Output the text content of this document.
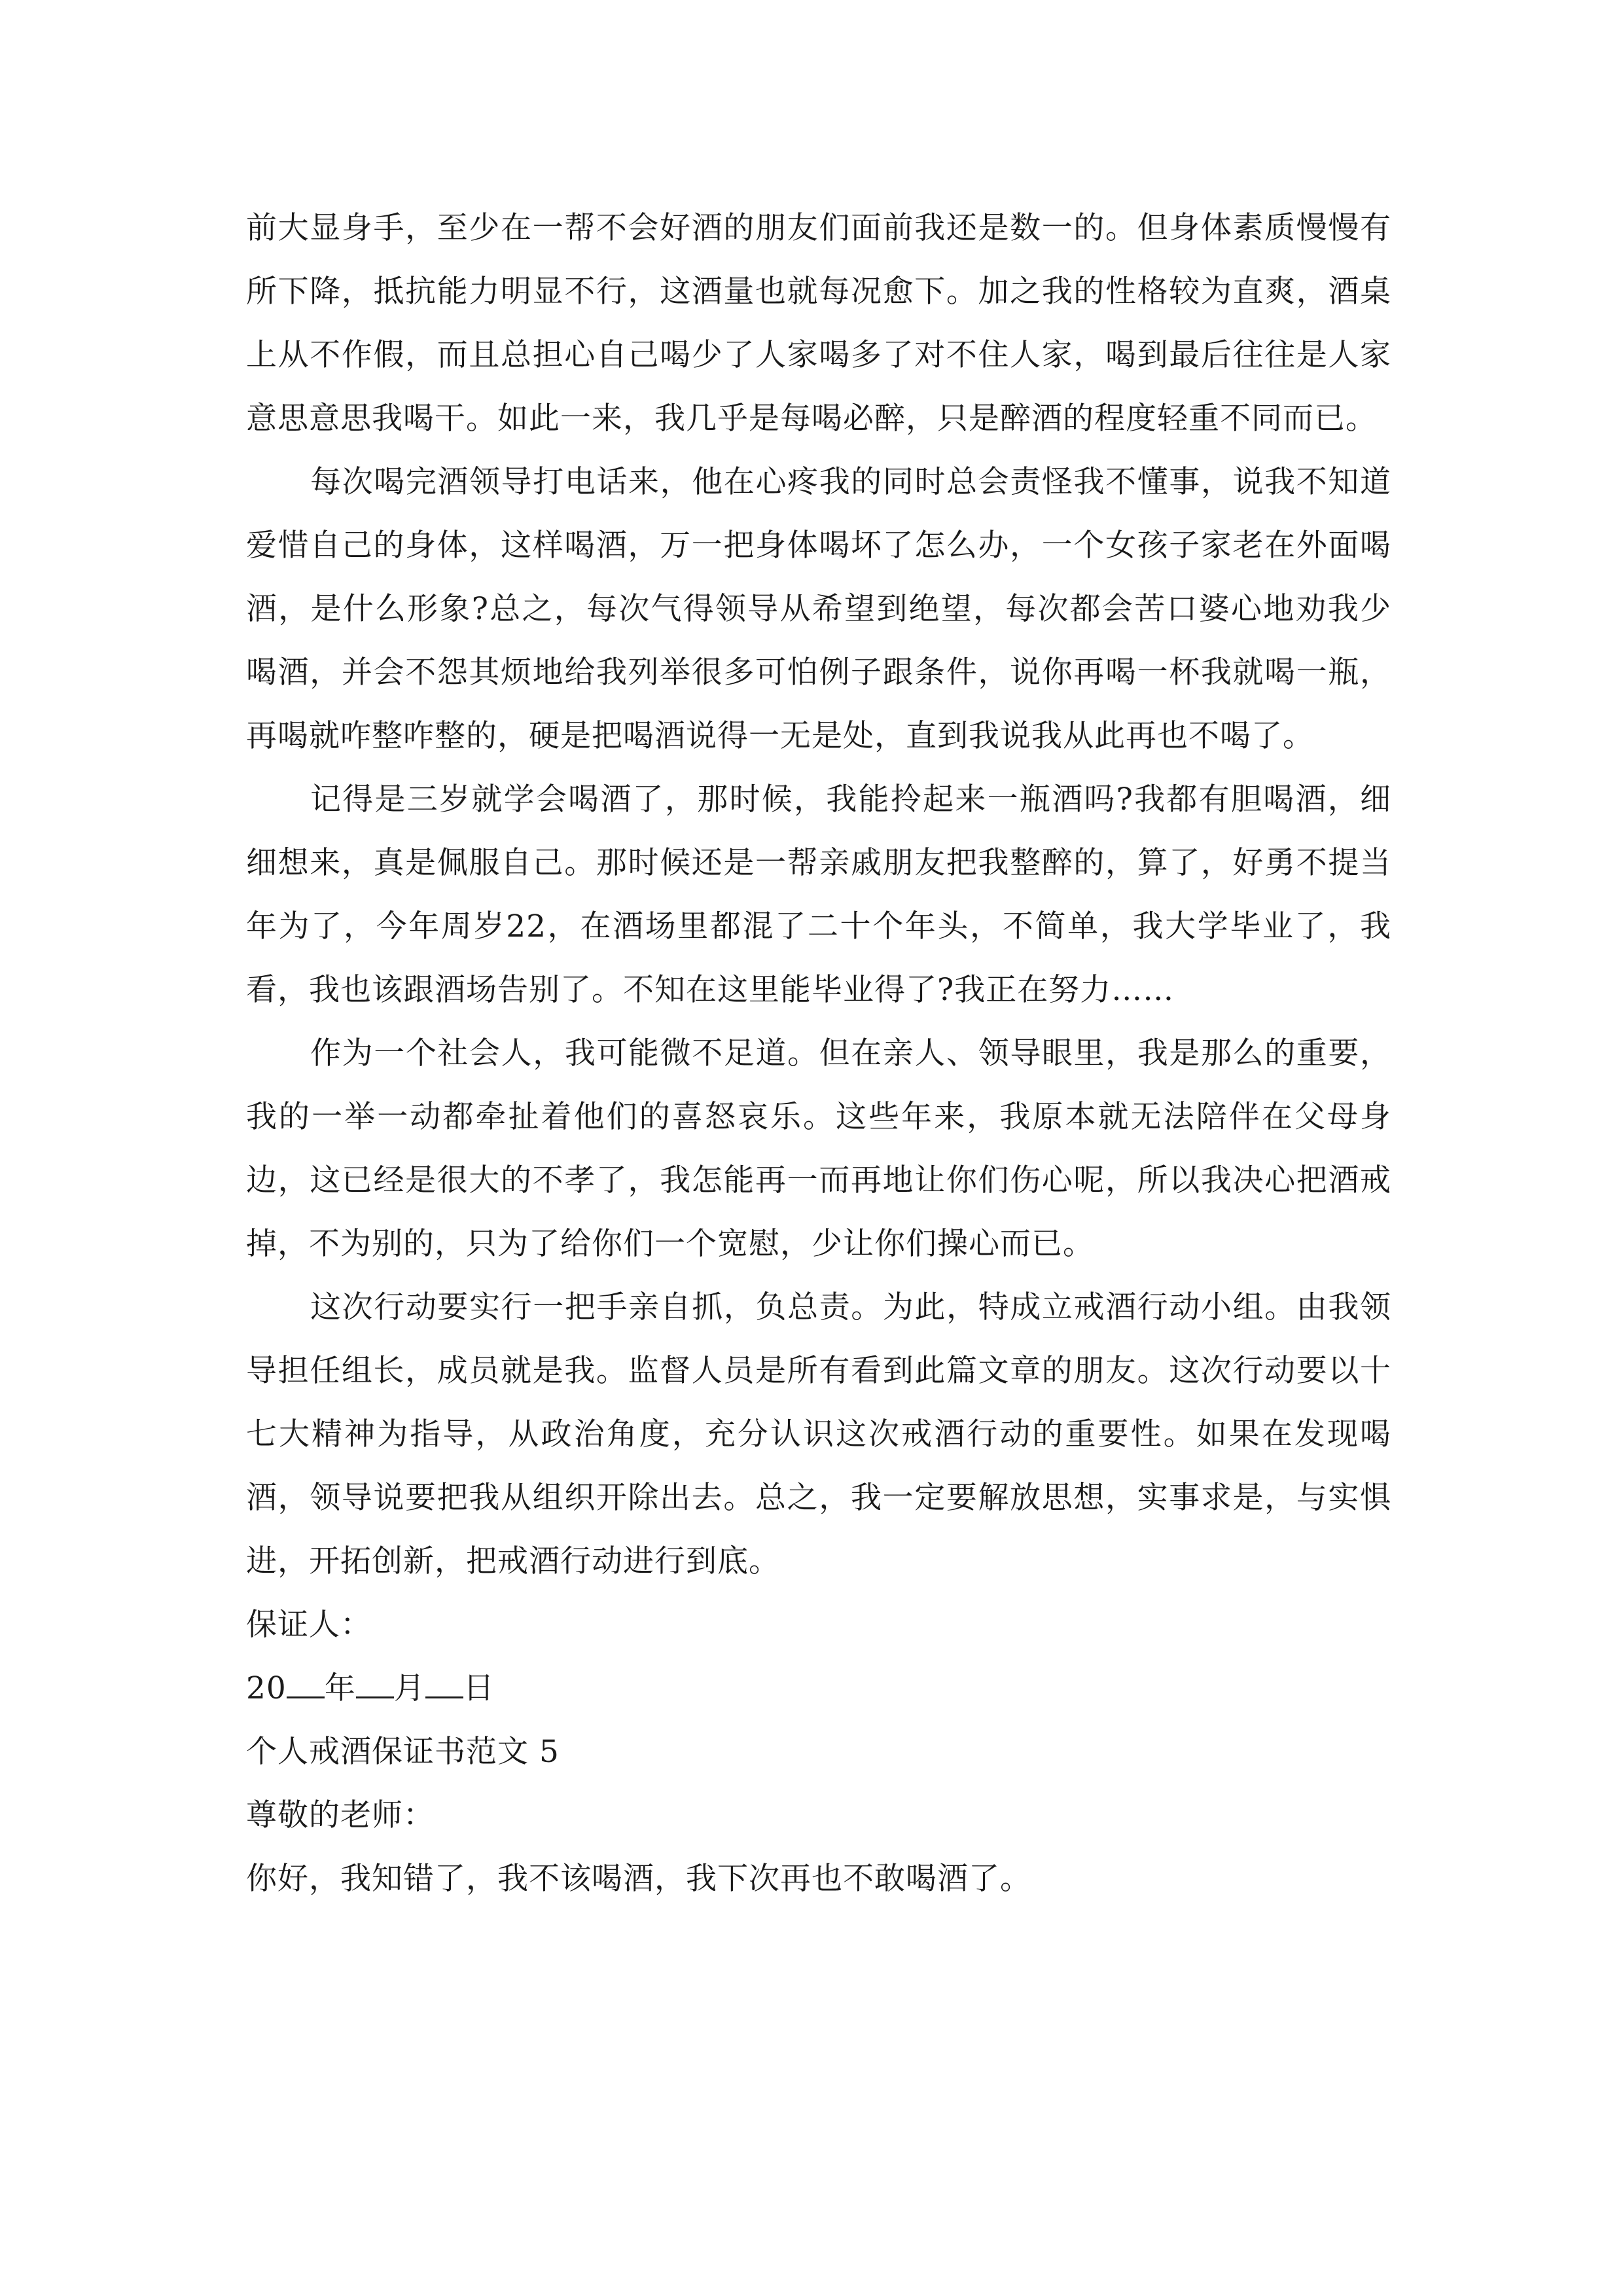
前大显身手，至少在一帮不会好酒的朋友们面前我还是数一的。但身体素质慢慢有所下降，抵抗能力明显不行，这酒量也就每况愈下。加之我的性格较为直爽，酒桌上从不作假，而且总担心自己喝少了人家喝多了对不住人家，喝到最后往往是人家意思意思我喝干。如此一来，我几乎是每喝必醉，只是醉酒的程度轻重不同而已。

每次喝完酒领导打电话来，他在心疼我的同时总会责怪我不懂事，说我不知道爱惜自己的身体，这样喝酒，万一把身体喝坏了怎么办，一个女孩子家老在外面喝酒，是什么形象?总之，每次气得领导从希望到绝望，每次都会苦口婆心地劝我少喝酒，并会不怨其烦地给我列举很多可怕例子跟条件，说你再喝一杯我就喝一瓶，再喝就咋整咋整的，硬是把喝酒说得一无是处，直到我说我从此再也不喝了。

记得是三岁就学会喝酒了，那时候，我能拎起来一瓶酒吗?我都有胆喝酒，细细想来，真是佩服自己。那时候还是一帮亲戚朋友把我整醉的，算了，好勇不提当年为了，今年周岁22，在酒场里都混了二十个年头，不简单，我大学毕业了，我看，我也该跟酒场告别了。不知在这里能毕业得了?我正在努力……

作为一个社会人，我可能微不足道。但在亲人、领导眼里，我是那么的重要，我的一举一动都牵扯着他们的喜怒哀乐。这些年来，我原本就无法陪伴在父母身边，这已经是很大的不孝了，我怎能再一而再地让你们伤心呢，所以我决心把酒戒掉，不为别的，只为了给你们一个宽慰，少让你们操心而已。

这次行动要实行一把手亲自抓，负总责。为此，特成立戒酒行动小组。由我领导担任组长，成员就是我。监督人员是所有看到此篇文章的朋友。这次行动要以十七大精神为指导，从政治角度，充分认识这次戒酒行动的重要性。如果在发现喝酒，领导说要把我从组织开除出去。总之，我一定要解放思想，实事求是，与实惧进，开拓创新，把戒酒行动进行到底。

保证人：

20 年 月 日

个人戒酒保证书范文 5

尊敬的老师：

你好，我知错了，我不该喝酒，我下次再也不敢喝酒了。
